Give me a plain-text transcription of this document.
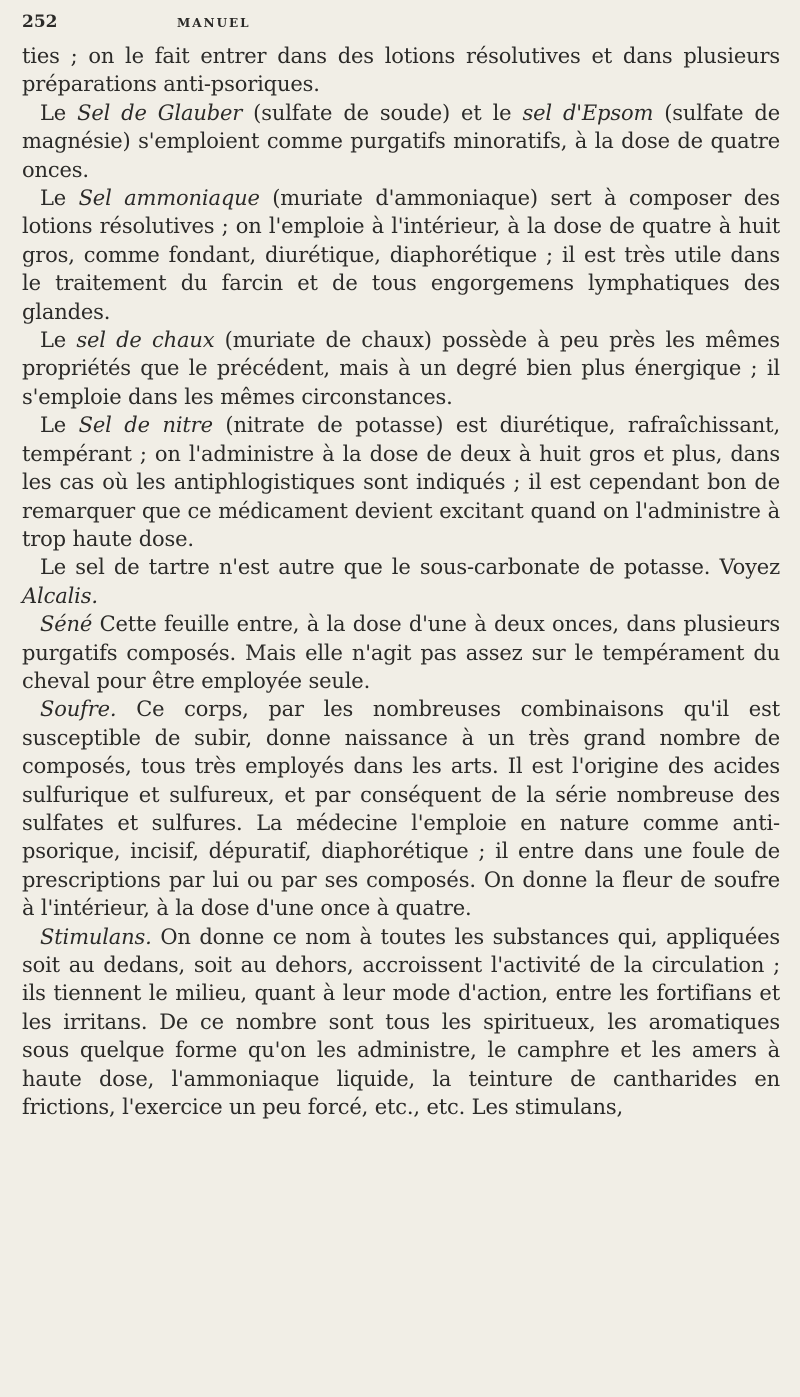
252	MANUEL

ties ; on le fait entrer dans des lotions résolutives et dans plusieurs préparations anti-psoriques.

Le Sel de Glauber (sulfate de soude) et le sel d'Epsom (sulfate de magnésie) s'emploient comme purgatifs minoratifs, à la dose de quatre onces.

Le Sel ammoniaque (muriate d'ammoniaque) sert à composer des lotions résolutives ; on l'emploie à l'intérieur, à la dose de quatre à huit gros, comme fondant, diurétique, diaphorétique ; il est très utile dans le traitement du farcin et de tous engorgemens lymphatiques des glandes.

Le sel de chaux (muriate de chaux) possède à peu près les mêmes propriétés que le précédent, mais à un degré bien plus énergique ; il s'emploie dans les mêmes circonstances.

Le Sel de nitre (nitrate de potasse) est diurétique, rafraîchissant, tempérant ; on l'administre à la dose de deux à huit gros et plus, dans les cas où les antiphlogistiques sont indiqués ; il est cependant bon de remarquer que ce médicament devient excitant quand on l'administre à trop haute dose.

Le sel de tartre n'est autre que le sous-carbonate de potasse. Voyez Alcalis.

Séné Cette feuille entre, à la dose d'une à deux onces, dans plusieurs purgatifs composés. Mais elle n'agit pas assez sur le tempérament du cheval pour être employée seule.

Soufre. Ce corps, par les nombreuses combinaisons qu'il est susceptible de subir, donne naissance à un très grand nombre de composés, tous très employés dans les arts. Il est l'origine des acides sulfurique et sulfureux, et par conséquent de la série nombreuse des sulfates et sulfures. La médecine l'emploie en nature comme anti-psorique, incisif, dépuratif, diaphorétique ; il entre dans une foule de prescriptions par lui ou par ses composés. On donne la fleur de soufre à l'intérieur, à la dose d'une once à quatre.

Stimulans. On donne ce nom à toutes les substances qui, appliquées soit au dedans, soit au dehors, accroissent l'activité de la circulation ; ils tiennent le milieu, quant à leur mode d'action, entre les fortifians et les irritans. De ce nombre sont tous les spiritueux, les aromatiques sous quelque forme qu'on les administre, le camphre et les amers à haute dose, l'ammoniaque liquide, la teinture de cantharides en frictions, l'exercice un peu forcé, etc., etc. Les stimulans,
